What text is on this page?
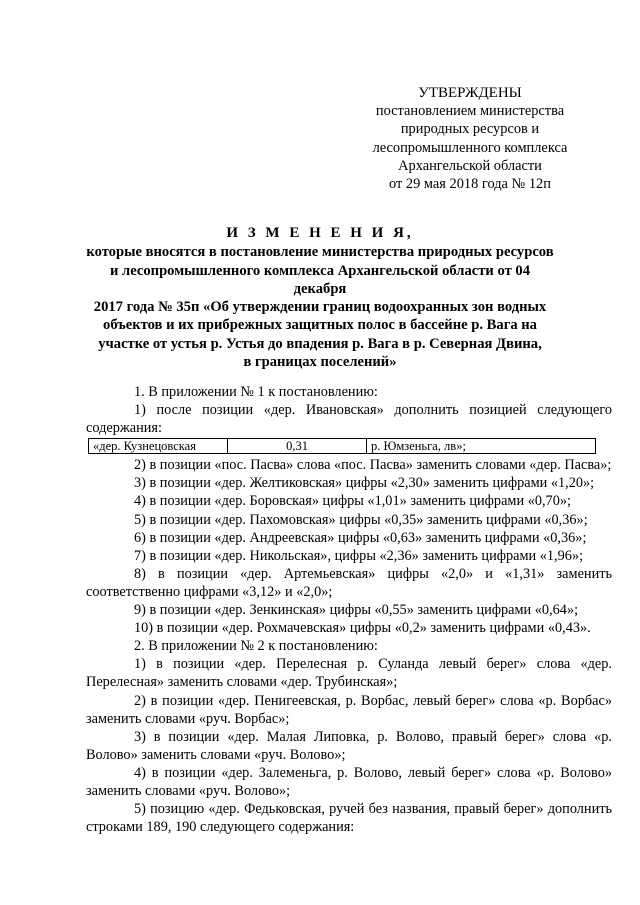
УТВЕРЖДЕНЫ
постановлением министерства
природных ресурсов и
лесопромышленного комплекса
Архангельской области
от 29 мая 2018 года № 12п
И З М Е Н Е Н И Я,
которые вносятся в постановление министерства природных ресурсов
и лесопромышленного комплекса Архангельской области от 04 декабря
2017 года № 35п «Об утверждении границ водоохранных зон водных
объектов и их прибрежных защитных полос в бассейне р. Вага на
участке от устья р. Устья до впадения р. Вага в р. Северная Двина,
в границах поселений»
1. В приложении № 1 к постановлению:
1) после позиции «дер. Ивановская» дополнить позицией следующего содержания:
«дер. Кузнецовская	0,31	р. Юмзеньга, лв»;
2) в позиции «пос. Пасва» слова «пос. Пасва» заменить словами «дер. Пасва»;
3) в позиции «дер. Желтиковская» цифры «2,30» заменить цифрами «1,20»;
4) в позиции «дер. Боровская» цифры «1,01» заменить цифрами «0,70»;
5) в позиции «дер. Пахомовская» цифры «0,35» заменить цифрами «0,36»;
6) в позиции «дер. Андреевская» цифры «0,63» заменить цифрами «0,36»;
7) в позиции «дер. Никольская», цифры «2,36» заменить цифрами «1,96»;
8) в позиции «дер. Артемьевская» цифры «2,0» и «1,31» заменить соответственно цифрами «3,12» и «2,0»;
9) в позиции «дер. Зенкинская» цифры «0,55» заменить цифрами «0,64»;
10) в позиции «дер. Рохмачевская» цифры «0,2» заменить цифрами «0,43».
2. В приложении № 2 к постановлению:
1) в позиции «дер. Перелесная р. Суланда левый берег» слова «дер. Перелесная» заменить словами «дер. Трубинская»;
2) в позиции «дер. Пенигеевская, р. Ворбас, левый берег» слова «р. Ворбас» заменить словами «руч. Ворбас»;
3) в позиции «дер. Малая Липовка, р. Волово, правый берег» слова «р. Волово» заменить словами «руч. Волово»;
4) в позиции «дер. Залеменьга, р. Волово, левый берег» слова «р. Волово» заменить словами «руч. Волово»;
5) позицию «дер. Федьковская, ручей без названия, правый берег» дополнить строками 189, 190 следующего содержания:
